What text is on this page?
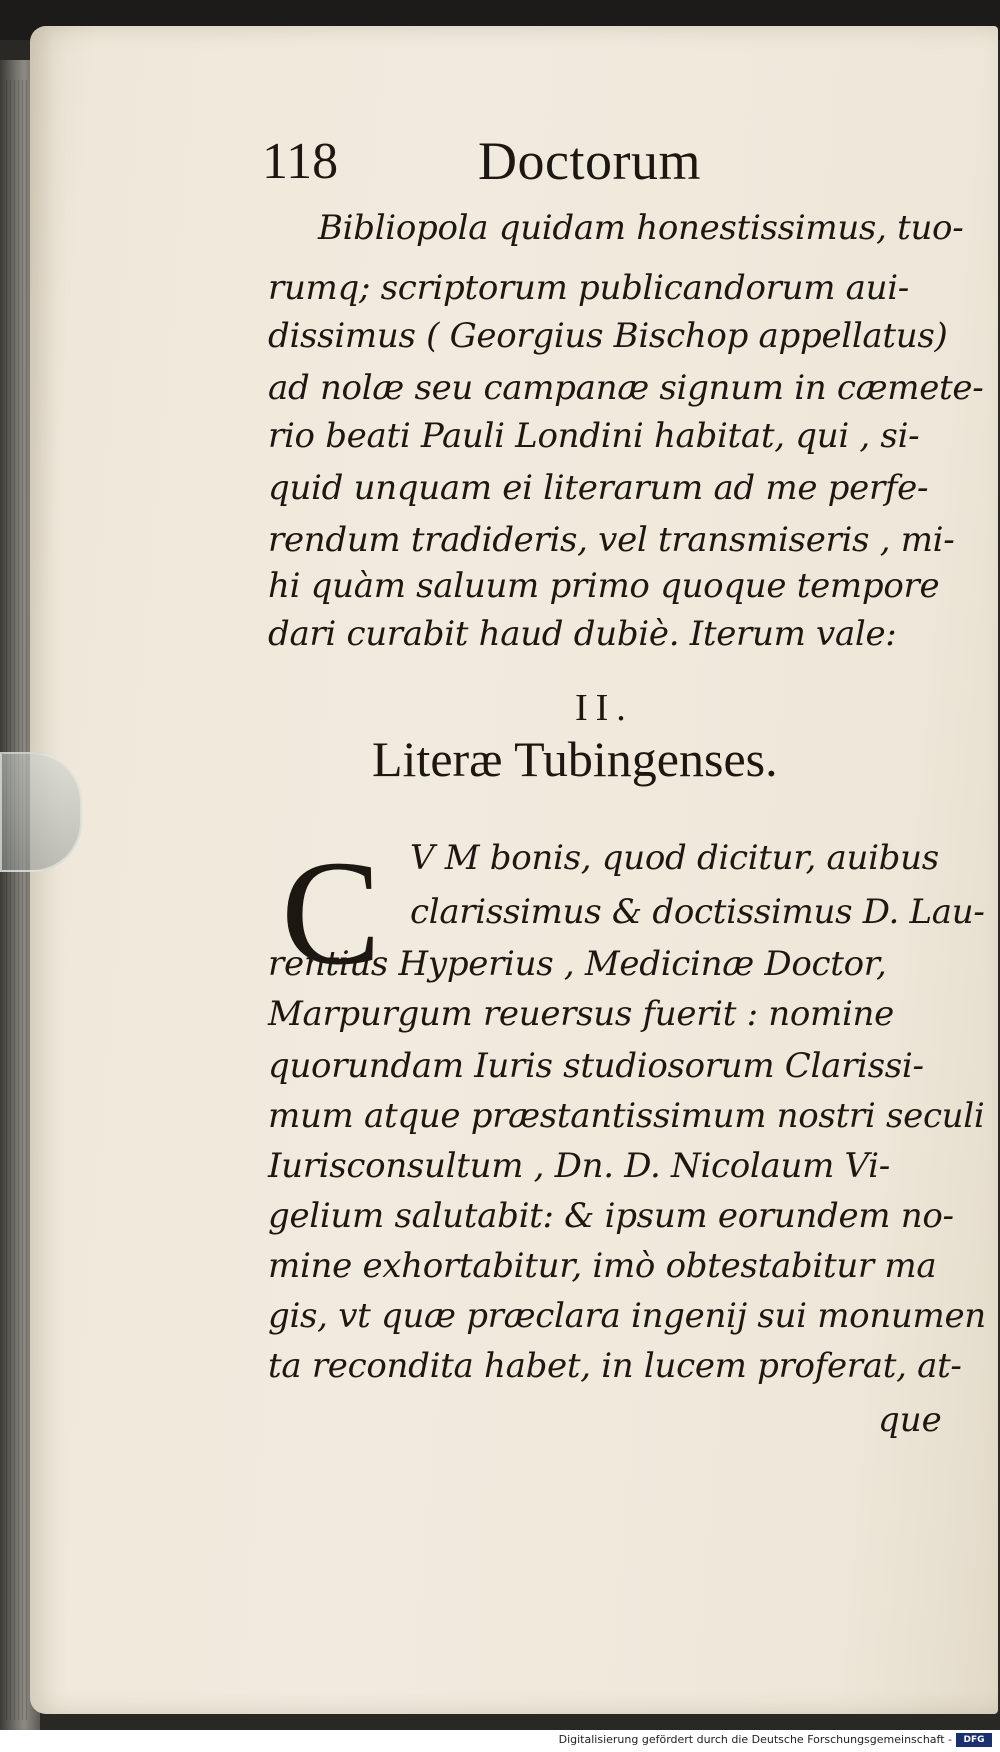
118	Doctorum
Bibliopola quidam honestissimus, tuo-
rumq; scriptorum publicandorum aui-
dissimus ( Georgius Bischop appellatus)
ad nolæ seu campanæ signum in cæmete-
rio beati Pauli Londini habitat, qui , si-
quid unquam ei literarum ad me perfe-
rendum tradideris, vel transmiseris , mi-
hi quàm saluum primo quoque tempore
dari curabit haud dubiè. Iterum vale:
II.
Literæ Tubingenses.
C V M bonis, quod dicitur, auibus
clarissimus & doctissimus D. Lau-
rentius Hyperius , Medicinæ Doctor,
Marpurgum reuersus fuerit : nomine
quorundam Iuris studiosorum Clarissi-
mum atque præstantissimum nostri seculi
Iurisconsultum , Dn. D. Nicolaum Vi-
gelium salutabit: & ipsum eorundem no-
mine exhortabitur, imò obtestabitur ma
gis, vt quæ præclara ingenij sui monumen
ta recondita habet, in lucem proferat, at-
que
Digitalisierung gefördert durch die Deutsche Forschungsgemeinschaft -	DFG
